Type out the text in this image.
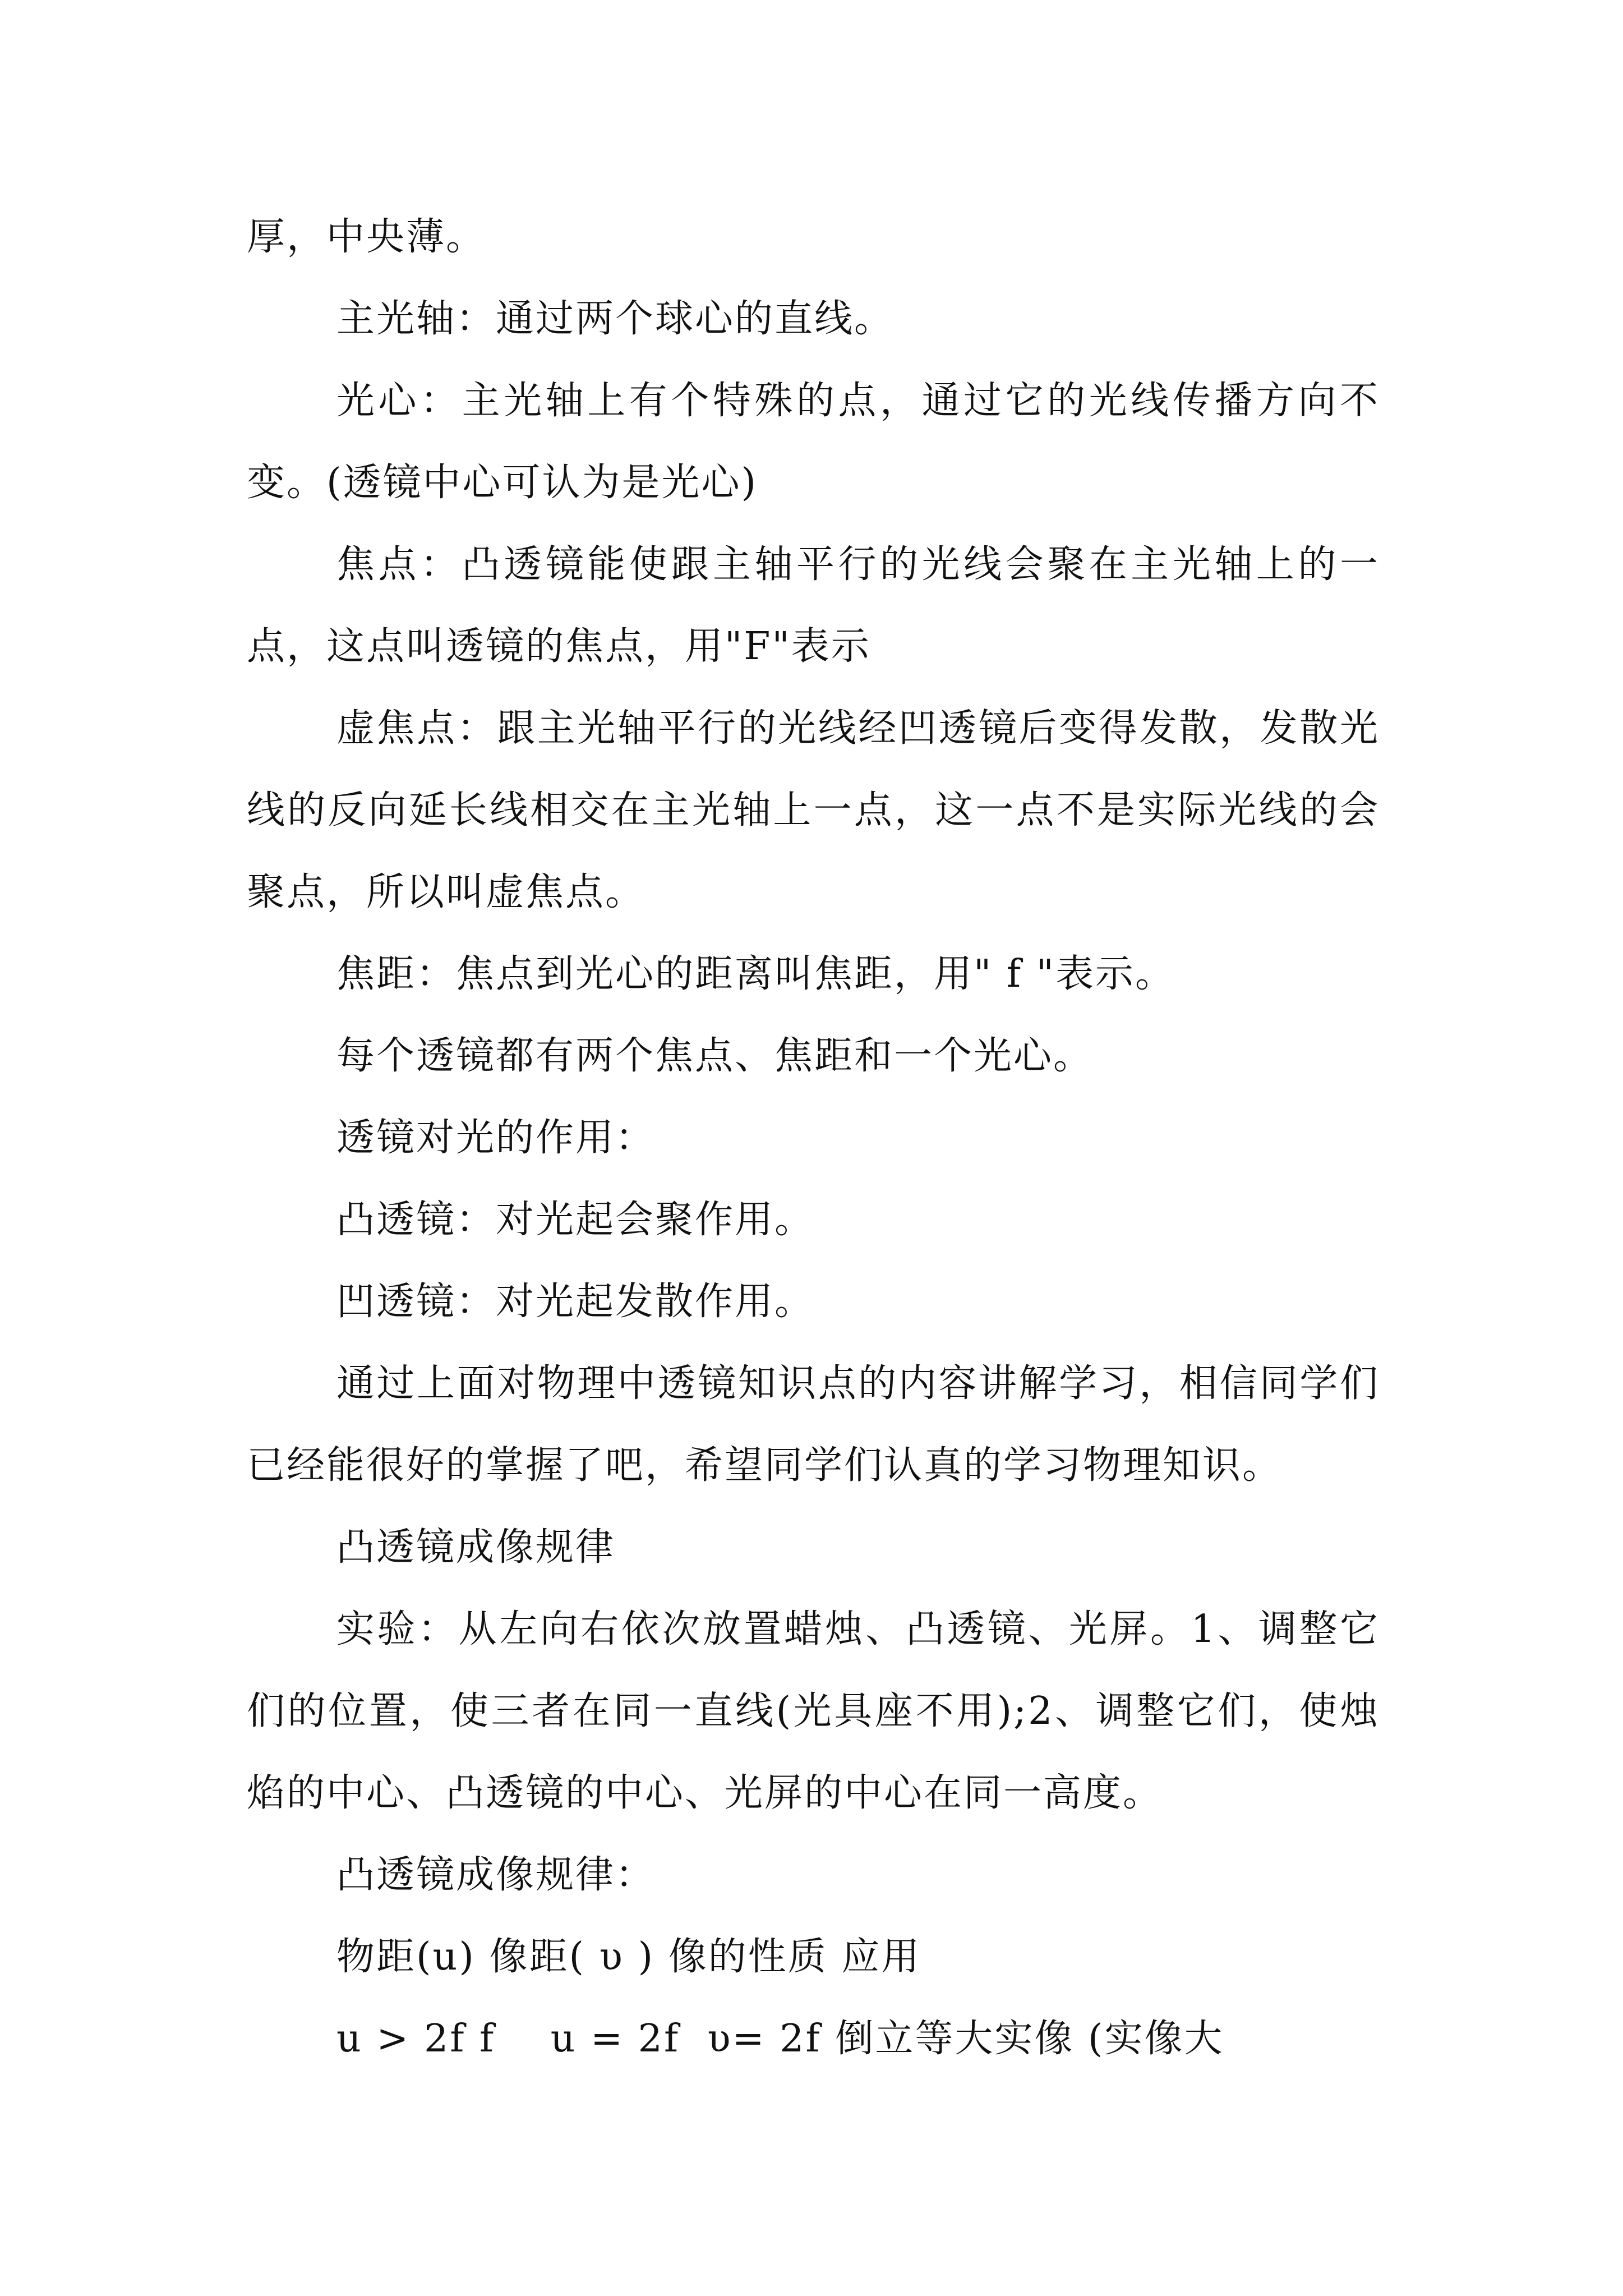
厚，中央薄。

主光轴：通过两个球心的直线。

光心：主光轴上有个特殊的点，通过它的光线传播方向不变。(透镜中心可认为是光心)

焦点：凸透镜能使跟主轴平行的光线会聚在主光轴上的一点，这点叫透镜的焦点，用"F"表示

虚焦点：跟主光轴平行的光线经凹透镜后变得发散，发散光线的反向延长线相交在主光轴上一点，这一点不是实际光线的会聚点，所以叫虚焦点。

焦距：焦点到光心的距离叫焦距，用" f "表示。

每个透镜都有两个焦点、焦距和一个光心。

透镜对光的作用：

凸透镜：对光起会聚作用。

凹透镜：对光起发散作用。

通过上面对物理中透镜知识点的内容讲解学习，相信同学们已经能很好的掌握了吧，希望同学们认真的学习物理知识。

凸透镜成像规律

实验：从左向右依次放置蜡烛、凸透镜、光屏。1、调整它们的位置，使三者在同一直线(光具座不用);2、调整它们，使烛焰的中心、凸透镜的中心、光屏的中心在同一高度。

凸透镜成像规律：

物距(u) 像距( υ ) 像的性质 应用

u > 2f f    u = 2f  υ= 2f 倒立等大实像 (实像大
